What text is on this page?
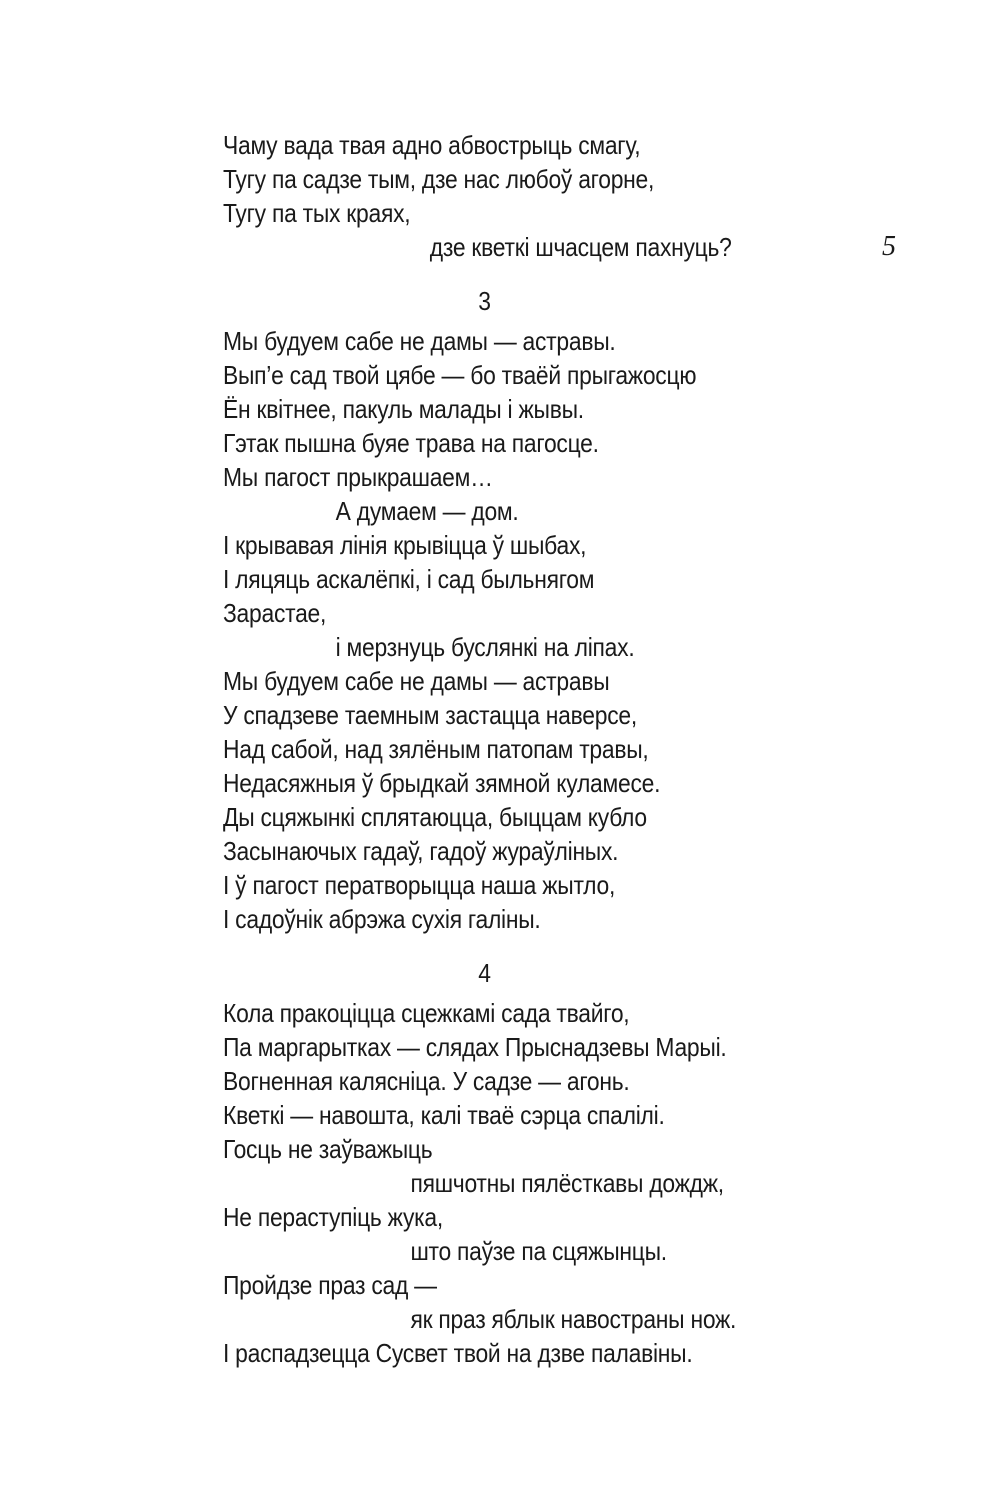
Чаму вада твая адно абвострыць смагу,
Тугу па садзе тым, дзе нас любоў агорне,
Тугу па тых краях,
дзе кветкі шчасцем пахнуць?
3
Мы будуем сабе не дамы — астравы.
Вып’е сад твой цябе — бо тваёй прыгажосцю
Ён квітнее, пакуль малады і жывы.
Гэтак пышна буяе трава на пагосце.
Мы пагост прыкрашаем…
А думаем — дом.
І крывавая лінія крывіцца ў шыбах,
І ляцяць аскалёпкі, і сад быльнягом
Зарастае,
і мерзнуць буслянкі на ліпах.
Мы будуем сабе не дамы — астравы
У спадзеве таемным застацца наверсе,
Над сабой, над зялёным патопам травы,
Недасяжныя ў брыдкай зямной куламесе.
Ды сцяжынкі сплятаюцца, быццам кубло
Засынаючых гадаў, гадоў жураўліных.
І ў пагост ператворыцца наша жытло,
І садоўнік абрэжа сухія галіны.
4
Кола пракоціцца сцежкамі сада твайго,
Па маргарытках — слядах Прыснадзевы Марыі.
Вогненная калясніца. У садзе — агонь.
Кветкі — навошта, калі тваё сэрца спалілі.
Госць не заўважыць
пяшчотны пялёсткавы дождж,
Не пераступіць жука,
што паўзе па сцяжынцы.
Пройдзе праз сад —
як праз яблык навостраны нож.
І распадзецца Сусвет твой на дзве палавіны.
5
